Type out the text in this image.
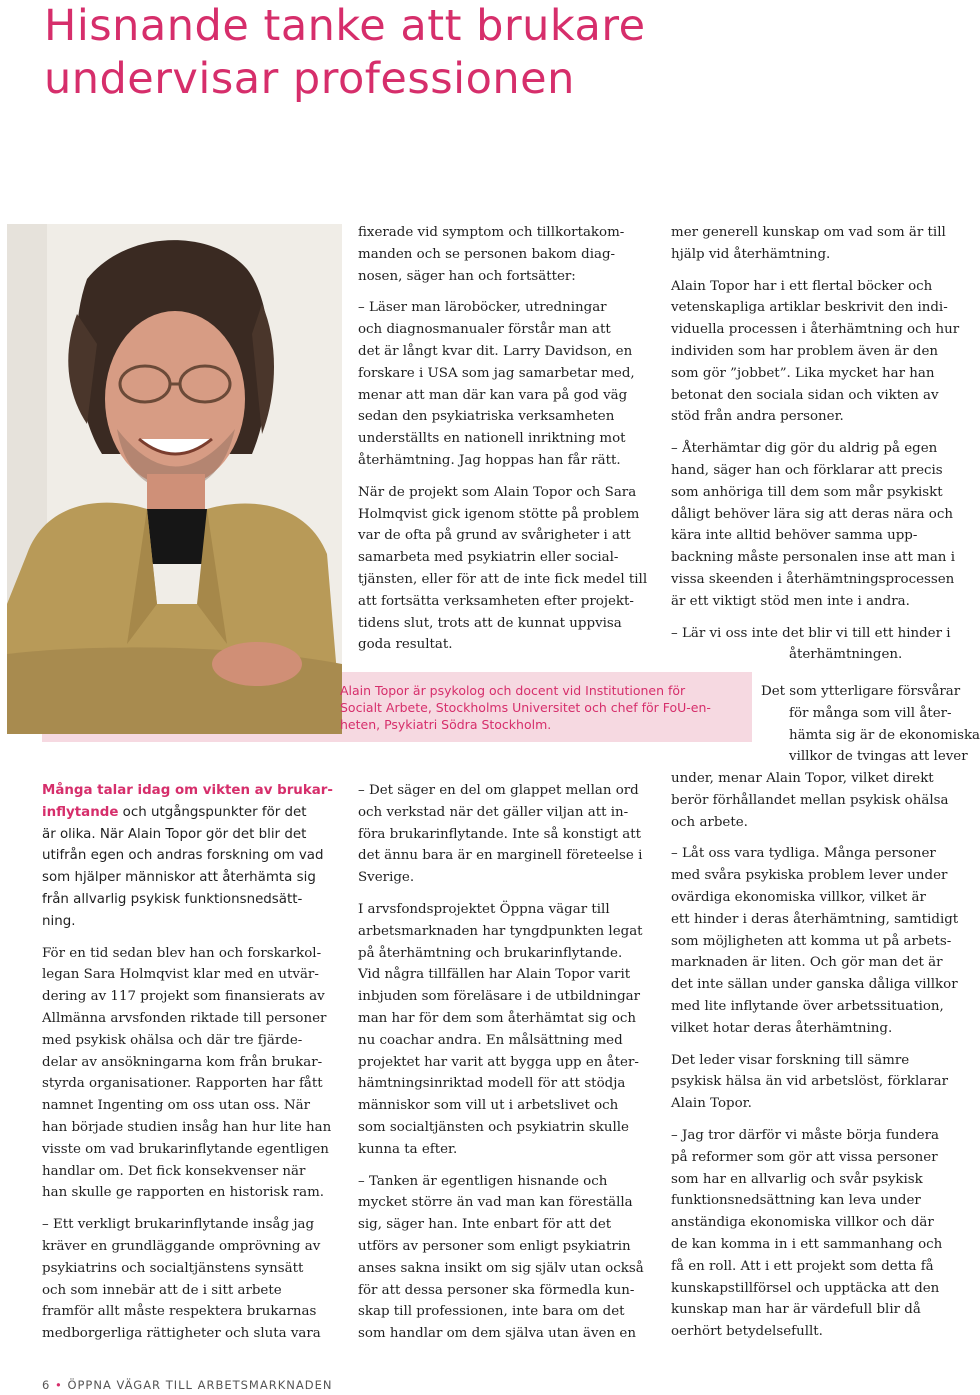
Hisnande tanke att brukare
undervisar professionen
Alain Topor är psykolog och docent vid Institutionen för
Socialt Arbete, Stockholms Universitet och chef för FoU-en-
heten, Psykiatri Södra Stockholm.
Många talar idag om vikten av brukar-
inflytande och utgångspunkter för det
är olika. När Alain Topor gör det blir det
utifrån egen och andras forskning om vad
som hjälper människor att återhämta sig
från allvarlig psykisk funktionsnedsätt-
ning.
För en tid sedan blev han och forskarkol-
legan Sara Holmqvist klar med en utvär-
dering av 117 projekt som finansierats av
Allmänna arvsfonden riktade till personer
med psykisk ohälsa och där tre fjärde-
delar av ansökningarna kom från brukar-
styrda organisationer. Rapporten har fått
namnet Ingenting om oss utan oss. När
han började studien insåg han hur lite han
visste om vad brukarinflytande egentligen
handlar om. Det fick konsekvenser när
han skulle ge rapporten en historisk ram.
– Ett verkligt brukarinflytande insåg jag
kräver en grundläggande omprövning av
psykiatrins och socialtjänstens synsätt
och som innebär att de i sitt arbete
framför allt måste respektera brukarnas
medborgerliga rättigheter och sluta vara
fixerade vid symptom och tillkortakom-
manden och se personen bakom diag-
nosen, säger han och fortsätter:
– Läser man läroböcker, utredningar
och diagnosmanualer förstår man att
det är långt kvar dit. Larry Davidson, en
forskare i USA som jag samarbetar med,
menar att man där kan vara på god väg
sedan den psykiatriska verksamheten
underställts en nationell inriktning mot
återhämtning. Jag hoppas han får rätt.
När de projekt som Alain Topor och Sara
Holmqvist gick igenom stötte på problem
var de ofta på grund av svårigheter i att
samarbeta med psykiatrin eller social-
tjänsten, eller för att de inte fick medel till
att fortsätta verksamheten efter projekt-
tidens slut, trots att de kunnat uppvisa
goda resultat.
– Det säger en del om glappet mellan ord
och verkstad när det gäller viljan att in-
föra brukarinflytande. Inte så konstigt att
det ännu bara är en marginell företeelse i
Sverige.
I arvsfondsprojektet Öppna vägar till
arbetsmarknaden har tyngdpunkten legat
på återhämtning och brukarinflytande.
Vid några tillfällen har Alain Topor varit
inbjuden som föreläsare i de utbildningar
man har för dem som återhämtat sig och
nu coachar andra. En målsättning med
projektet har varit att bygga upp en åter-
hämtningsinriktad modell för att stödja
människor som vill ut i arbetslivet och
som socialtjänsten och psykiatrin skulle
kunna ta efter.
– Tanken är egentligen hisnande och
mycket större än vad man kan föreställa
sig, säger han. Inte enbart för att det
utförs av personer som enligt psykiatrin
anses sakna insikt om sig själv utan också
för att dessa personer ska förmedla kun-
skap till professionen, inte bara om det
som handlar om dem själva utan även en
mer generell kunskap om vad som är till
hjälp vid återhämtning.
Alain Topor har i ett flertal böcker och
vetenskapliga artiklar beskrivit den indi-
viduella processen i återhämtning och hur
individen som har problem även är den
som gör ”jobbet”. Lika mycket har han
betonat den sociala sidan och vikten av
stöd från andra personer.
– Återhämtar dig gör du aldrig på egen
hand, säger han och förklarar att precis
som anhöriga till dem som mår psykiskt
dåligt behöver lära sig att deras nära och
kära inte alltid behöver samma upp-
backning måste personalen inse att man i
vissa skeenden i återhämtningsprocessen
är ett viktigt stöd men inte i andra.
– Lär vi oss inte det blir vi till ett hinder i
återhämtningen.
Det som ytterligare försvårar
för många som vill åter-
hämta sig är de ekonomiska
villkor de tvingas att lever
under, menar Alain Topor, vilket direkt
berör förhållandet mellan psykisk ohälsa
och arbete.
– Låt oss vara tydliga. Många personer
med svåra psykiska problem lever under
ovärdiga ekonomiska villkor, vilket är
ett hinder i deras återhämtning, samtidigt
som möjligheten att komma ut på arbets-
marknaden är liten. Och gör man det är
det inte sällan under ganska dåliga villkor
med lite inflytande över arbetssituation,
vilket hotar deras återhämtning.
Det leder visar forskning till sämre
psykisk hälsa än vid arbetslöst, förklarar
Alain Topor.
– Jag tror därför vi måste börja fundera
på reformer som gör att vissa personer
som har en allvarlig och svår psykisk
funktionsnedsättning kan leva under
anständiga ekonomiska villkor och där
de kan komma in i ett sammanhang och
få en roll. Att i ett projekt som detta få
kunskapstillförsel och upptäcka att den
kunskap man har är värdefull blir då
oerhört betydelsefullt.
6 • ÖPPNA VÄGAR TILL ARBETSMARKNADEN
